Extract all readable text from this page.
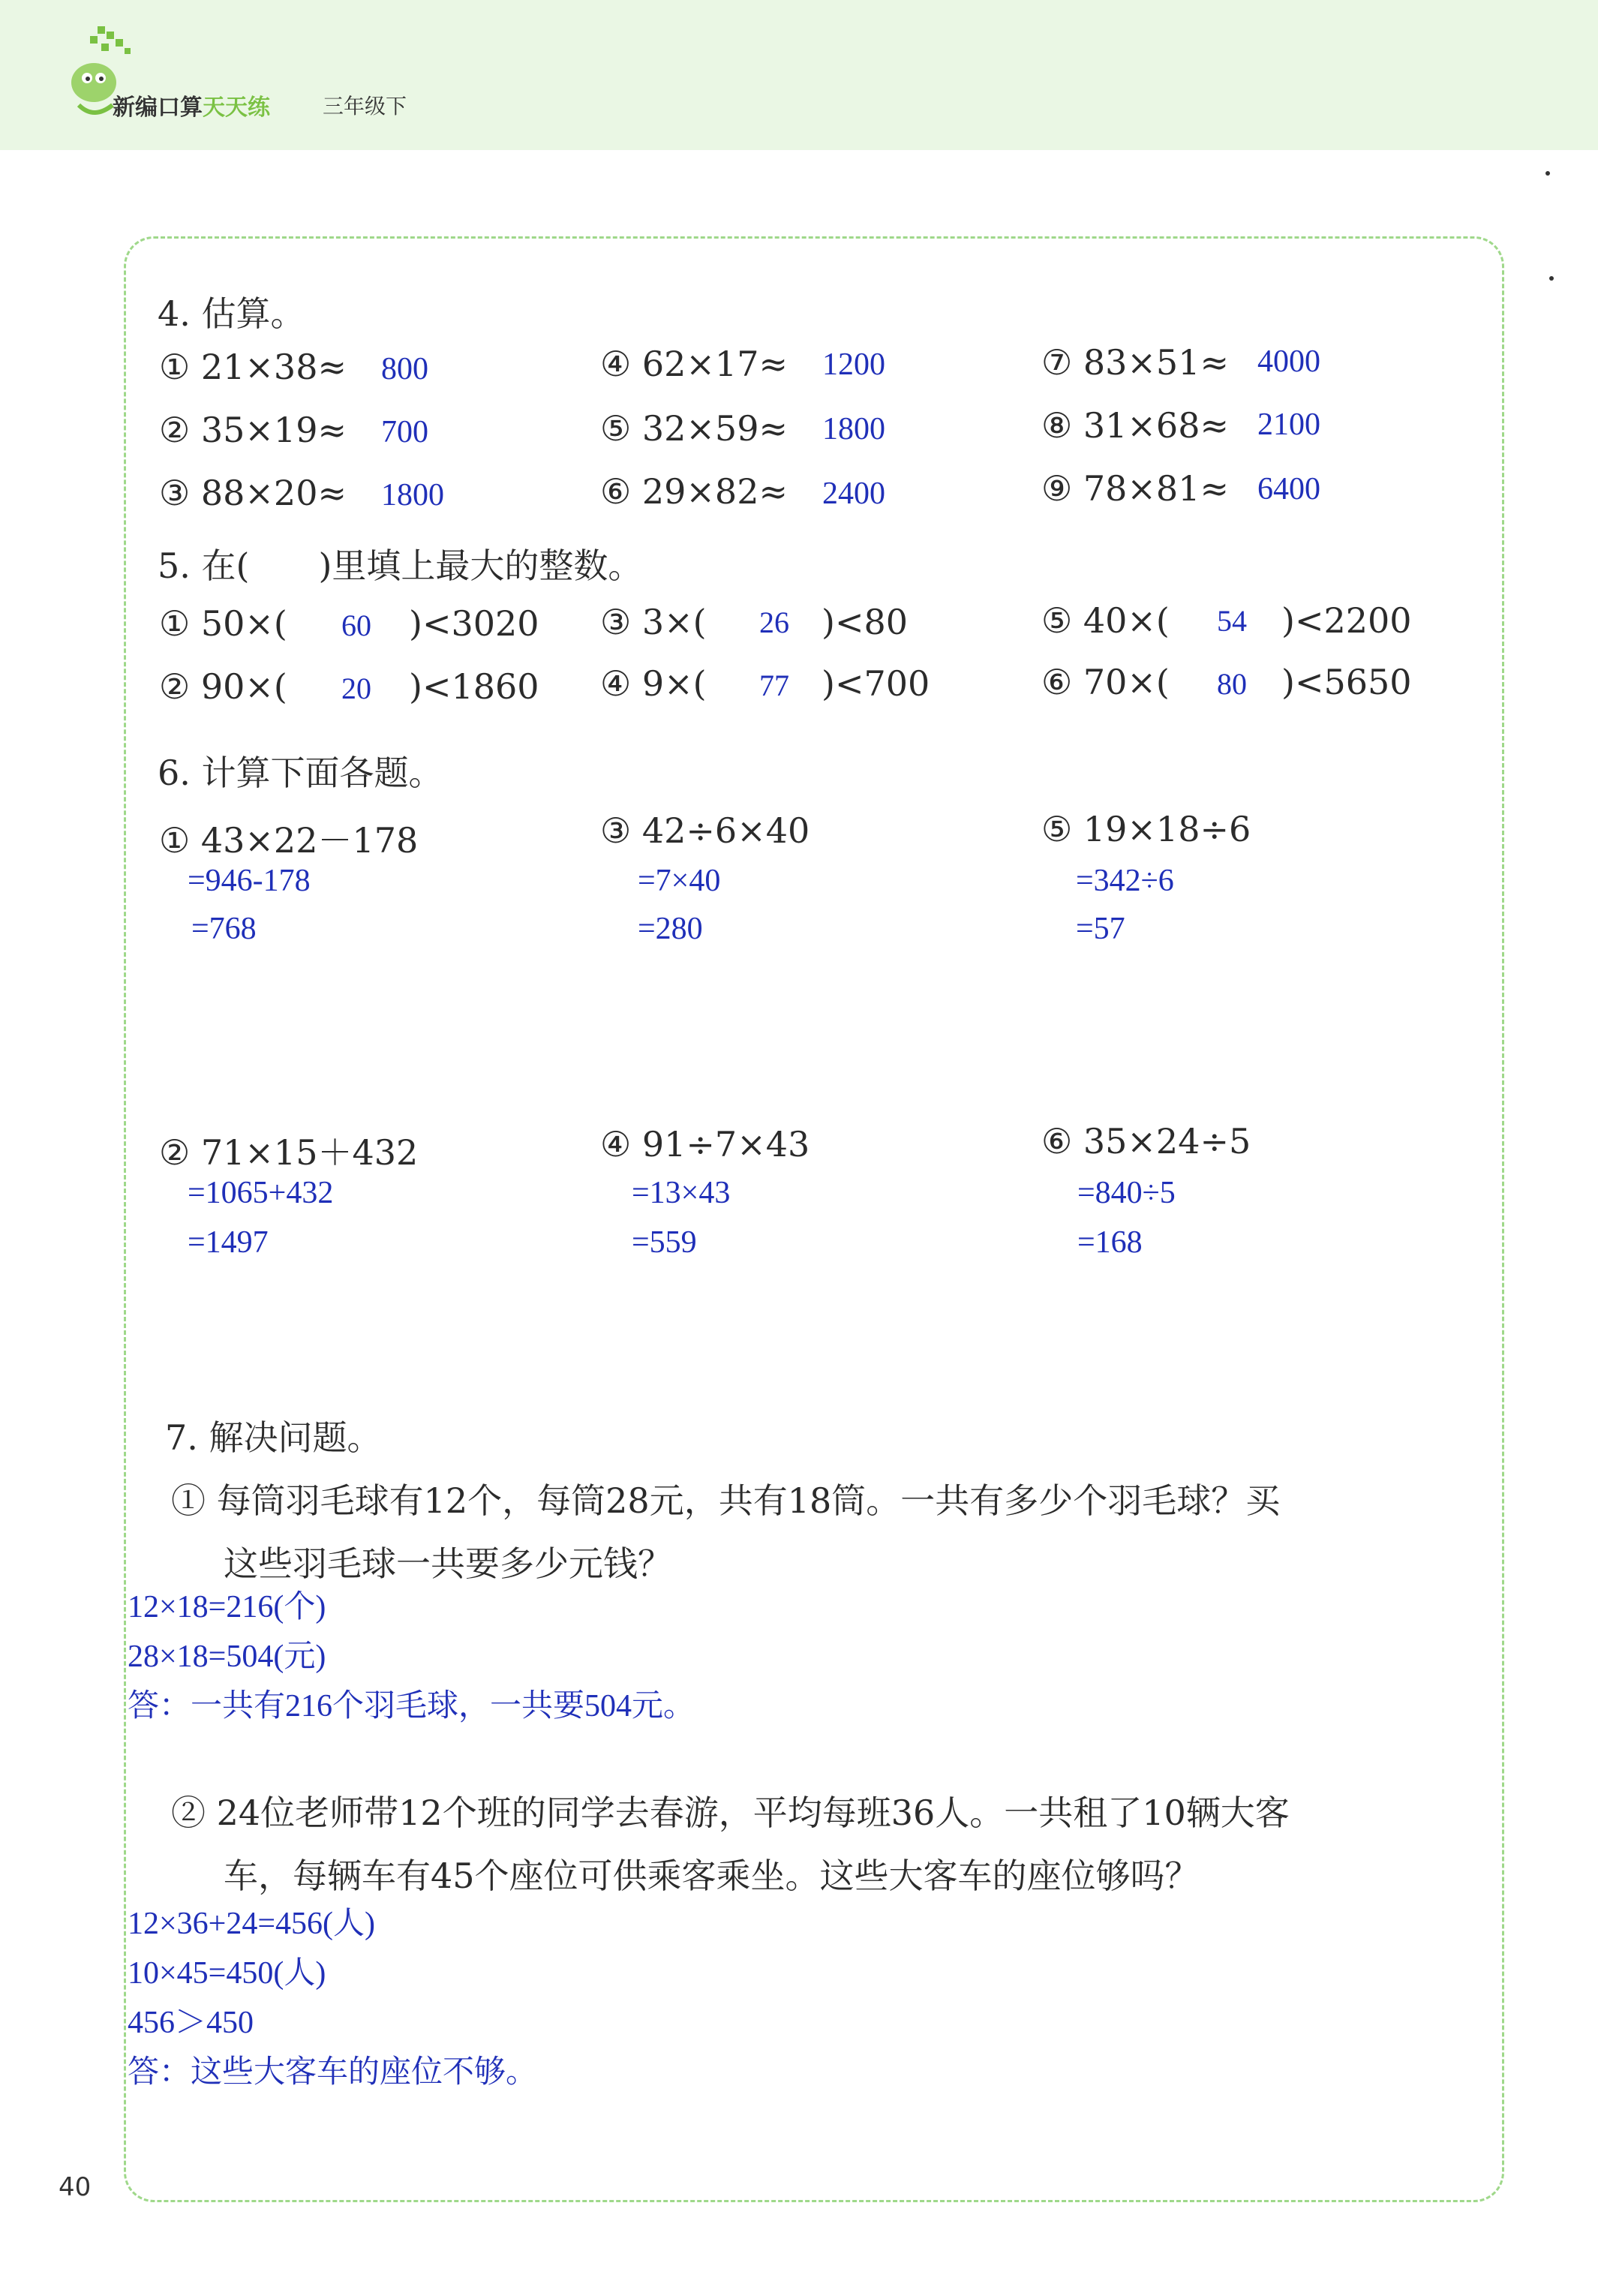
新编口算天天练	三年级下
4. 估算。
① 21×38≈ 800
② 35×19≈ 700
③ 88×20≈ 1800
④ 62×17≈ 1200
⑤ 32×59≈ 1800
⑥ 29×82≈ 2400
⑦ 83×51≈ 4000
⑧ 31×68≈ 2100
⑨ 78×81≈ 6400
5. 在(　　)里填上最大的整数。
① 50×( 60 )<3020
② 90×( 20 )<1860
③ 3×( 26 )<80
④ 9×( 77 )<700
⑤ 40×( 54 )<2200
⑥ 70×( 80 )<5650
6. 计算下面各题。
① 43×22－178
=946-178
=768
③ 42÷6×40
=7×40
=280
⑤ 19×18÷6
=342÷6
=57
② 71×15＋432
=1065+432
=1497
④ 91÷7×43
=13×43
=559
⑥ 35×24÷5
=840÷5
=168
7. 解决问题。
① 每筒羽毛球有12个，每筒28元，共有18筒。一共有多少个羽毛球？买
这些羽毛球一共要多少元钱？
12×18=216(个)
28×18=504(元)
答：一共有216个羽毛球，一共要504元。
② 24位老师带12个班的同学去春游，平均每班36人。一共租了10辆大客
车，每辆车有45个座位可供乘客乘坐。这些大客车的座位够吗？
12×36+24=456(人)
10×45=450(人)
456＞450
答：这些大客车的座位不够。
40
